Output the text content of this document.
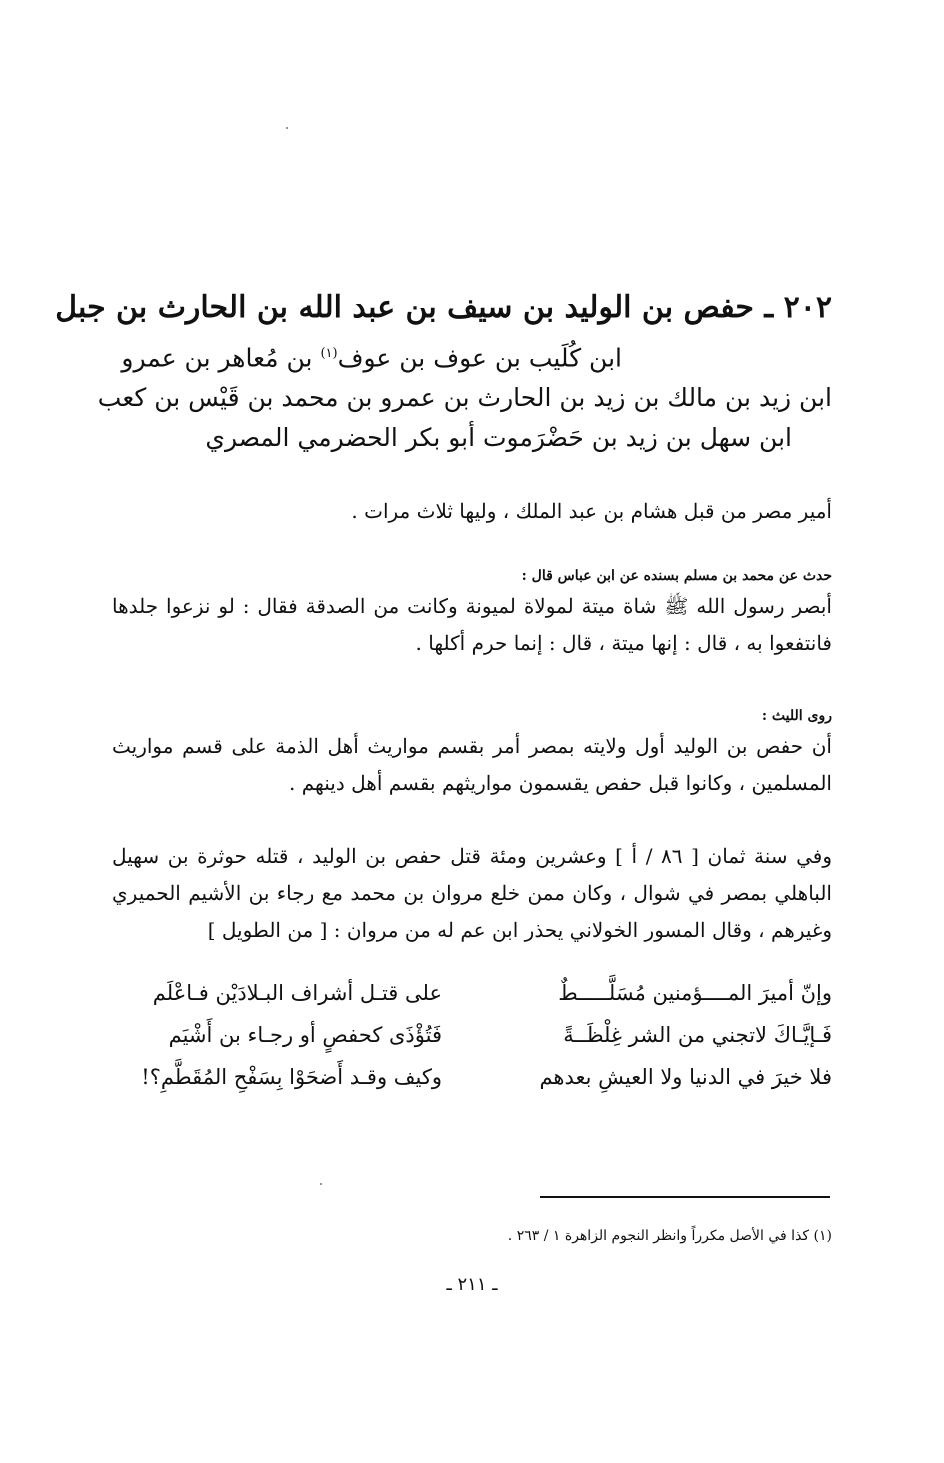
٢٠٢ ـ حفص بن الوليد بن سيف بن عبد الله بن الحارث بن جبل
ابن كُلَيب بن عوف بن عوف$^{(١)}$ بن مُعاهر بن عمرو
ابن زيد بن مالك بن زيد بن الحارث بن عمرو بن محمد بن قَيْس بن كعب
ابن سهل بن زيد بن حَضْرَموت أبو بكر الحضرمي المصري
أمير مصر من قبل هشام بن عبد الملك ، وليها ثلاث مرات .
حدث عن محمد بن مسلم بسنده عن ابن عباس قال :
أبصر رسول الله ﷺ شاة ميتة لمولاة لميونة وكانت من الصدقة فقال : لو نزعوا جلدها فانتفعوا به ، قال : إنها ميتة ، قال : إنما حرم أكلها .
روى الليث :
أن حفص بن الوليد أول ولايته بمصر أمر بقسم مواريث أهل الذمة على قسم مواريث المسلمين ، وكانوا قبل حفص يقسمون مواريثهم بقسم أهل دينهم .
وفي سنة ثمان [ ٨٦ / أ ] وعشرين ومئة قتل حفص بن الوليد ، قتله حوثرة بن سهيل الباهلي بمصر في شوال ، وكان ممن خلع مروان بن محمد مع رجاء بن الأشيم الحميري وغيرهم ، وقال المسور الخولاني يحذر ابن عم له من مروان : [ من الطويل ]
وإنّ أميرَ المــــؤمنين مُسَلَّـــــطٌ
على قتـل أشراف البـلادَيْن فـاعْلَم
فَـإيَّـاكَ لاتجني من الشر غِلْظَــةً
فَتُؤْذَى كحفصٍ أو رجـاء بن أَشْيَم
فلا خيرَ في الدنيا ولا العيشِ بعدهم
وكيف وقـد أَضحَوْا بِسَفْحِ المُقَطَّمِ؟!
(١) كذا في الأصل مكرراً وانظر النجوم الزاهرة ١ / ٢٦٣ .
ـ ٢١١ ـ
